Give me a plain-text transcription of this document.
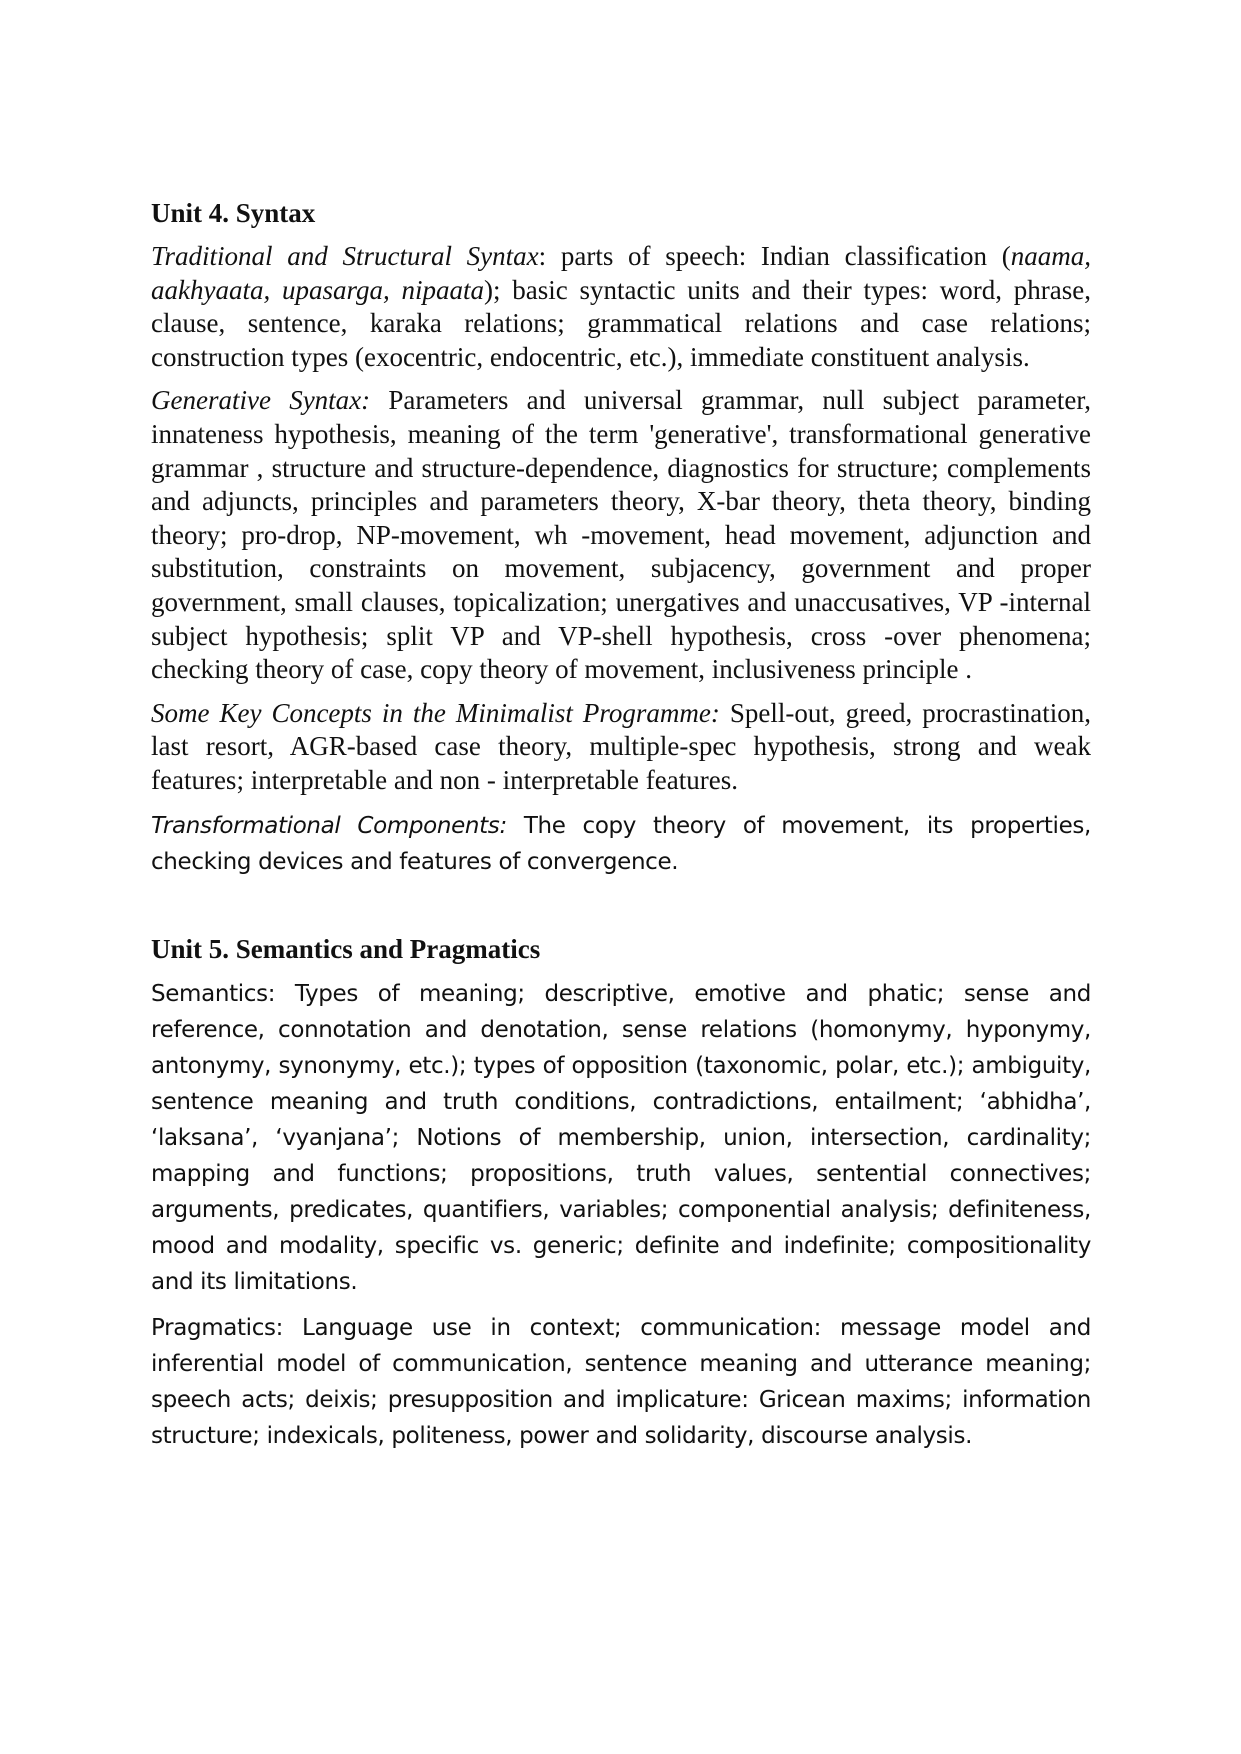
Unit 4. Syntax

Traditional and Structural Syntax: parts of speech: Indian classification (naama, aakhyaata, upasarga, nipaata); basic syntactic units and their types: word, phrase, clause, sentence, karaka relations; grammatical relations and case relations; construction types (exocentric, endocentric, etc.), immediate constituent analysis.

Generative Syntax: Parameters and universal grammar, null subject parameter, innateness hypothesis, meaning of the term 'generative', transformational generative grammar , structure and structure-dependence, diagnostics for structure; complements and adjuncts, principles and parameters theory, X-bar theory, theta theory, binding theory; pro-drop, NP-movement, wh -movement, head movement, adjunction and substitution, constraints on movement, subjacency, government and proper government, small clauses, topicalization; unergatives and unaccusatives, VP -internal subject hypothesis; split VP and VP-shell hypothesis, cross -over phenomena; checking theory of case, copy theory of movement, inclusiveness principle .

Some Key Concepts in the Minimalist Programme: Spell-out, greed, procrastination, last resort, AGR-based case theory, multiple-spec hypothesis, strong and weak features; interpretable and non - interpretable features.

Transformational Components: The copy theory of movement, its properties, checking devices and features of convergence.

Unit 5. Semantics and Pragmatics

Semantics: Types of meaning; descriptive, emotive and phatic; sense and reference, connotation and denotation, sense relations (homonymy, hyponymy, antonymy, synonymy, etc.); types of opposition (taxonomic, polar, etc.); ambiguity, sentence meaning and truth conditions, contradictions, entailment; ‘abhidha’, ‘laksana’, ‘vyanjana’; Notions of membership, union, intersection, cardinality; mapping and functions; propositions, truth values, sentential connectives; arguments, predicates, quantifiers, variables; componential analysis; definiteness, mood and modality, specific vs. generic; definite and indefinite; compositionality and its limitations.

Pragmatics: Language use in context; communication: message model and inferential model of communication, sentence meaning and utterance meaning; speech acts; deixis; presupposition and implicature: Gricean maxims; information structure; indexicals, politeness, power and solidarity, discourse analysis.
